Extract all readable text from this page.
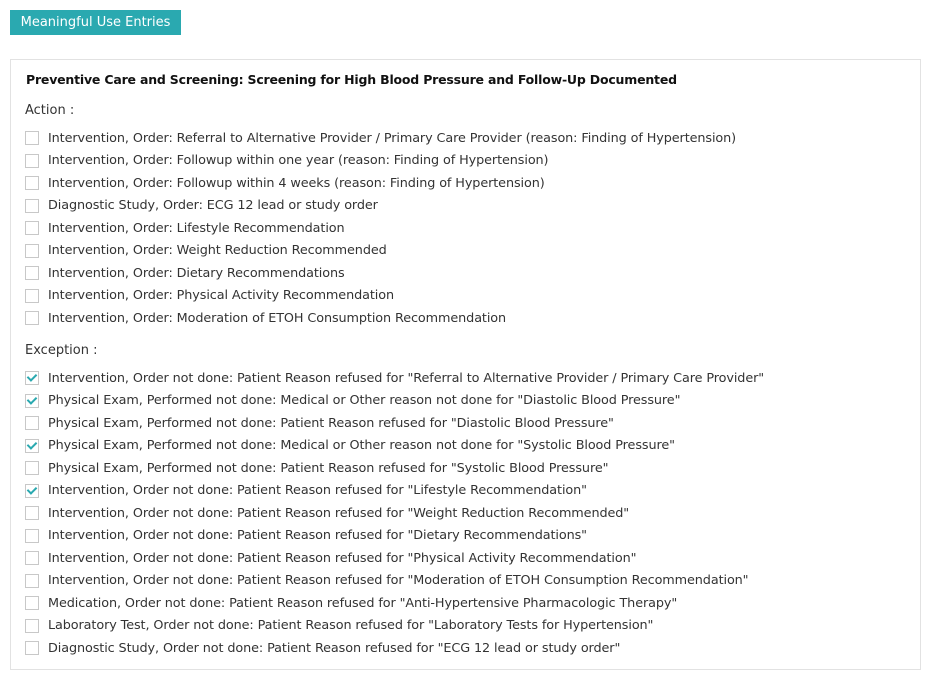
Meaningful Use Entries
Preventive Care and Screening: Screening for High Blood Pressure and Follow-Up Documented
Action :
Intervention, Order: Referral to Alternative Provider / Primary Care Provider (reason: Finding of Hypertension)
Intervention, Order: Followup within one year (reason: Finding of Hypertension)
Intervention, Order: Followup within 4 weeks (reason: Finding of Hypertension)
Diagnostic Study, Order: ECG 12 lead or study order
Intervention, Order: Lifestyle Recommendation
Intervention, Order: Weight Reduction Recommended
Intervention, Order: Dietary Recommendations
Intervention, Order: Physical Activity Recommendation
Intervention, Order: Moderation of ETOH Consumption Recommendation
Exception :
Intervention, Order not done: Patient Reason refused for "Referral to Alternative Provider / Primary Care Provider"
Physical Exam, Performed not done: Medical or Other reason not done for "Diastolic Blood Pressure"
Physical Exam, Performed not done: Patient Reason refused for "Diastolic Blood Pressure"
Physical Exam, Performed not done: Medical or Other reason not done for "Systolic Blood Pressure"
Physical Exam, Performed not done: Patient Reason refused for "Systolic Blood Pressure"
Intervention, Order not done: Patient Reason refused for "Lifestyle Recommendation"
Intervention, Order not done: Patient Reason refused for "Weight Reduction Recommended"
Intervention, Order not done: Patient Reason refused for "Dietary Recommendations"
Intervention, Order not done: Patient Reason refused for "Physical Activity Recommendation"
Intervention, Order not done: Patient Reason refused for "Moderation of ETOH Consumption Recommendation"
Medication, Order not done: Patient Reason refused for "Anti-Hypertensive Pharmacologic Therapy"
Laboratory Test, Order not done: Patient Reason refused for "Laboratory Tests for Hypertension"
Diagnostic Study, Order not done: Patient Reason refused for "ECG 12 lead or study order"
